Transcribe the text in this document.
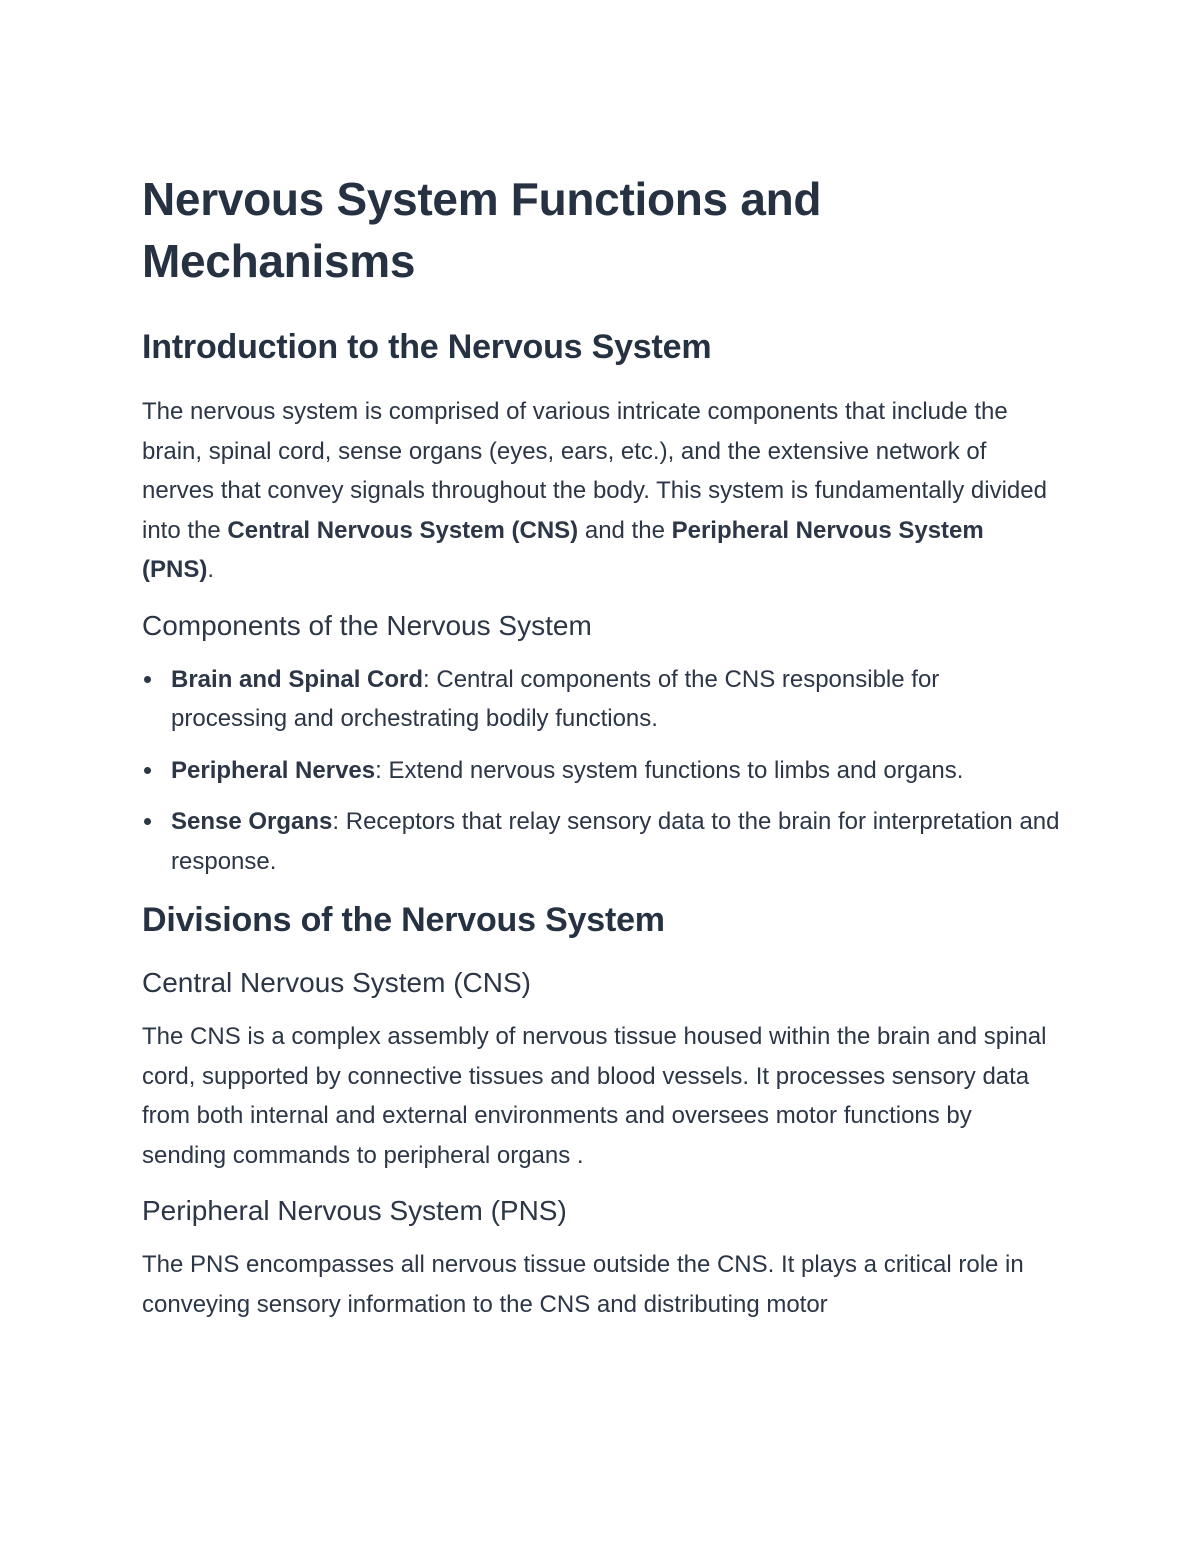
Nervous System Functions and Mechanisms
Introduction to the Nervous System

The nervous system is comprised of various intricate components that include the brain, spinal cord, sense organs (eyes, ears, etc.), and the extensive network of nerves that convey signals throughout the body. This system is fundamentally divided into the Central Nervous System (CNS) and the Peripheral Nervous System (PNS).

Components of the Nervous System
Brain and Spinal Cord: Central components of the CNS responsible for processing and orchestrating bodily functions.
Peripheral Nerves: Extend nervous system functions to limbs and organs.
Sense Organs: Receptors that relay sensory data to the brain for interpretation and response.
Divisions of the Nervous System
Central Nervous System (CNS)

The CNS is a complex assembly of nervous tissue housed within the brain and spinal cord, supported by connective tissues and blood vessels. It processes sensory data from both internal and external environments and oversees motor functions by sending commands to peripheral organs .

Peripheral Nervous System (PNS)

The PNS encompasses all nervous tissue outside the CNS. It plays a critical role in conveying sensory information to the CNS and distributing motor
